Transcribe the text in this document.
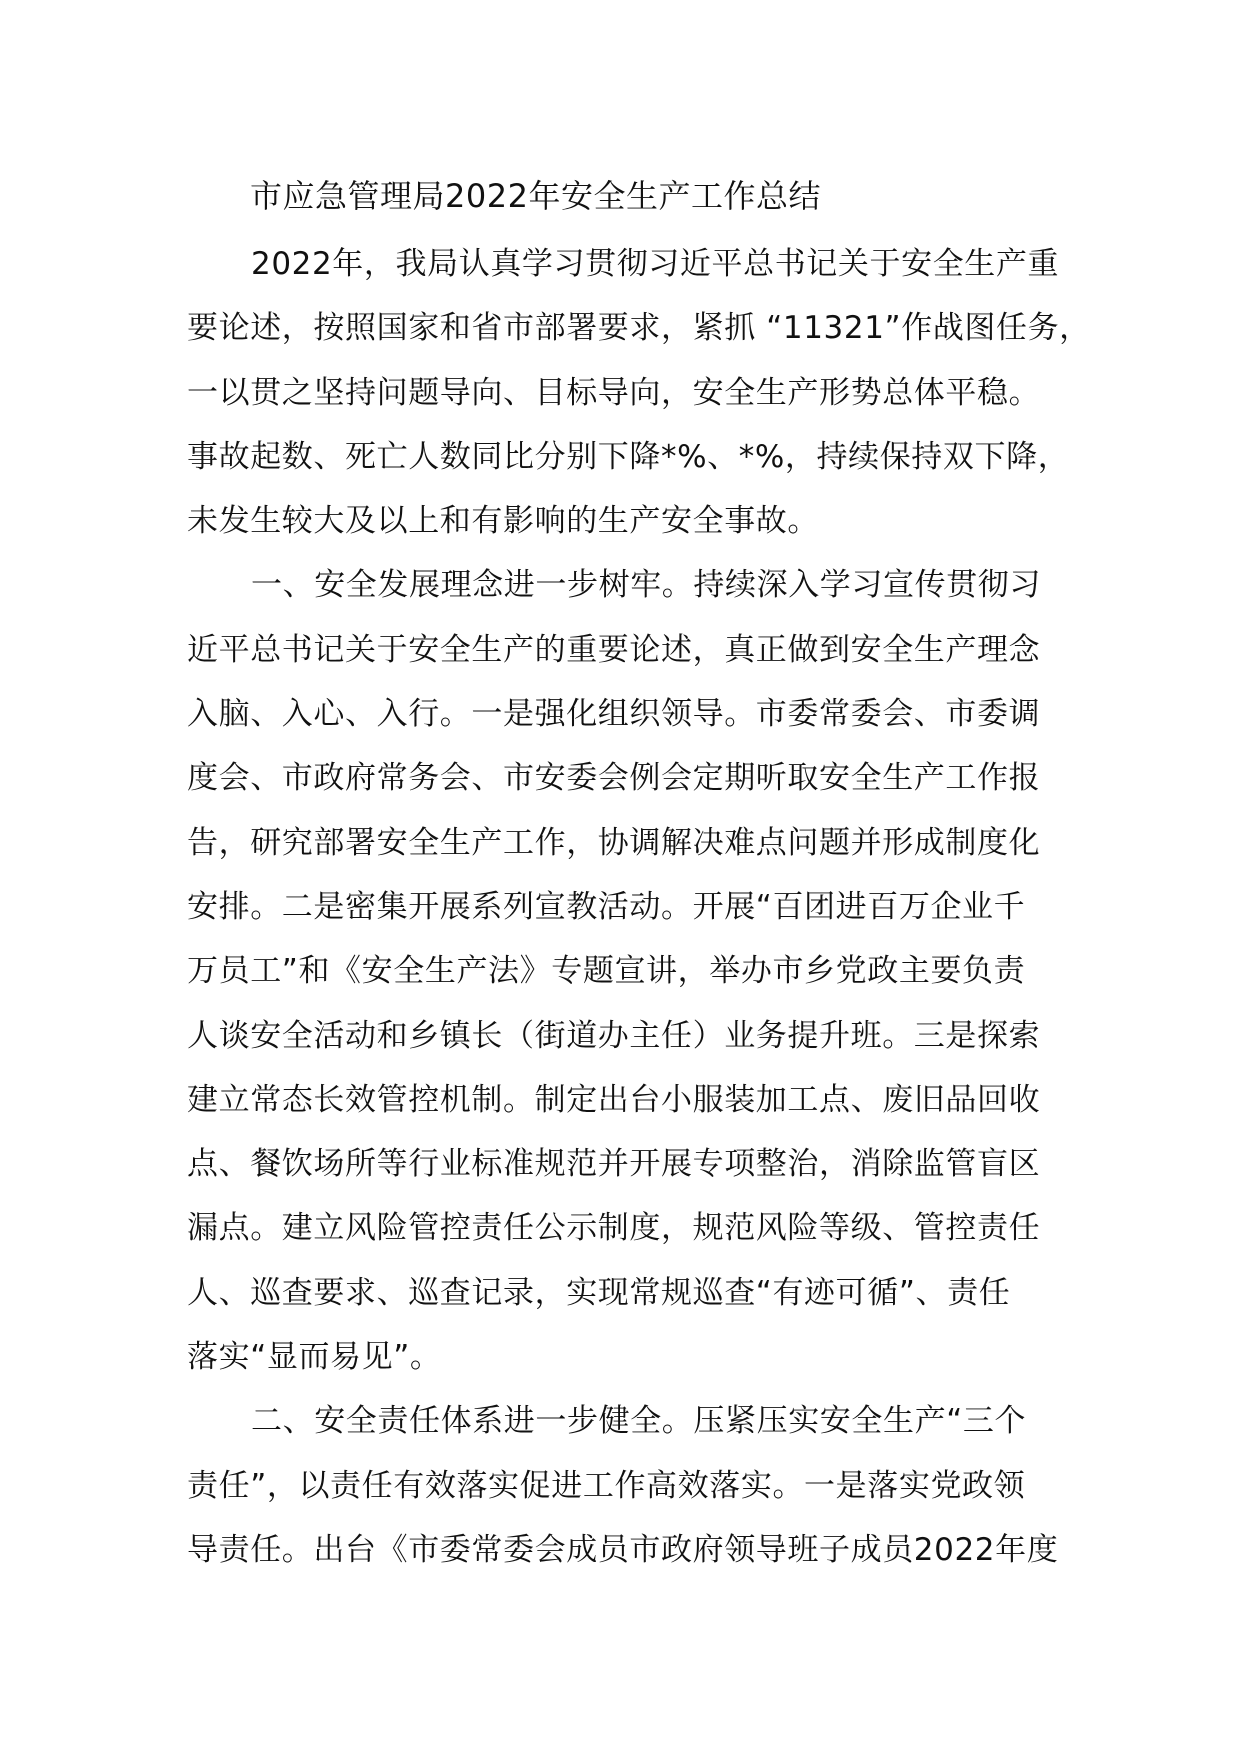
市应急管理局2022年安全生产工作总结
2022年，我局认真学习贯彻习近平总书记关于安全生产重
要论述，按照国家和省市部署要求，紧抓 “11321”作战图任务，
一以贯之坚持问题导向、目标导向，安全生产形势总体平稳。
事故起数、死亡人数同比分别下降*%、*%，持续保持双下降，
未发生较大及以上和有影响的生产安全事故。
一、安全发展理念进一步树牢。持续深入学习宣传贯彻习
近平总书记关于安全生产的重要论述，真正做到安全生产理念
入脑、入心、入行。一是强化组织领导。市委常委会、市委调
度会、市政府常务会、市安委会例会定期听取安全生产工作报
告，研究部署安全生产工作，协调解决难点问题并形成制度化
安排。二是密集开展系列宣教活动。开展“百团进百万企业千
万员工”和《安全生产法》专题宣讲，举办市乡党政主要负责
人谈安全活动和乡镇长（街道办主任）业务提升班。三是探索
建立常态长效管控机制。制定出台小服装加工点、废旧品回收
点、餐饮场所等行业标准规范并开展专项整治，消除监管盲区
漏点。建立风险管控责任公示制度，规范风险等级、管控责任
人、巡查要求、巡查记录，实现常规巡查“有迹可循”、责任
落实“显而易见”。
二、安全责任体系进一步健全。压紧压实安全生产“三个
责任”，以责任有效落实促进工作高效落实。一是落实党政领
导责任。出台《市委常委会成员市政府领导班子成员2022年度
